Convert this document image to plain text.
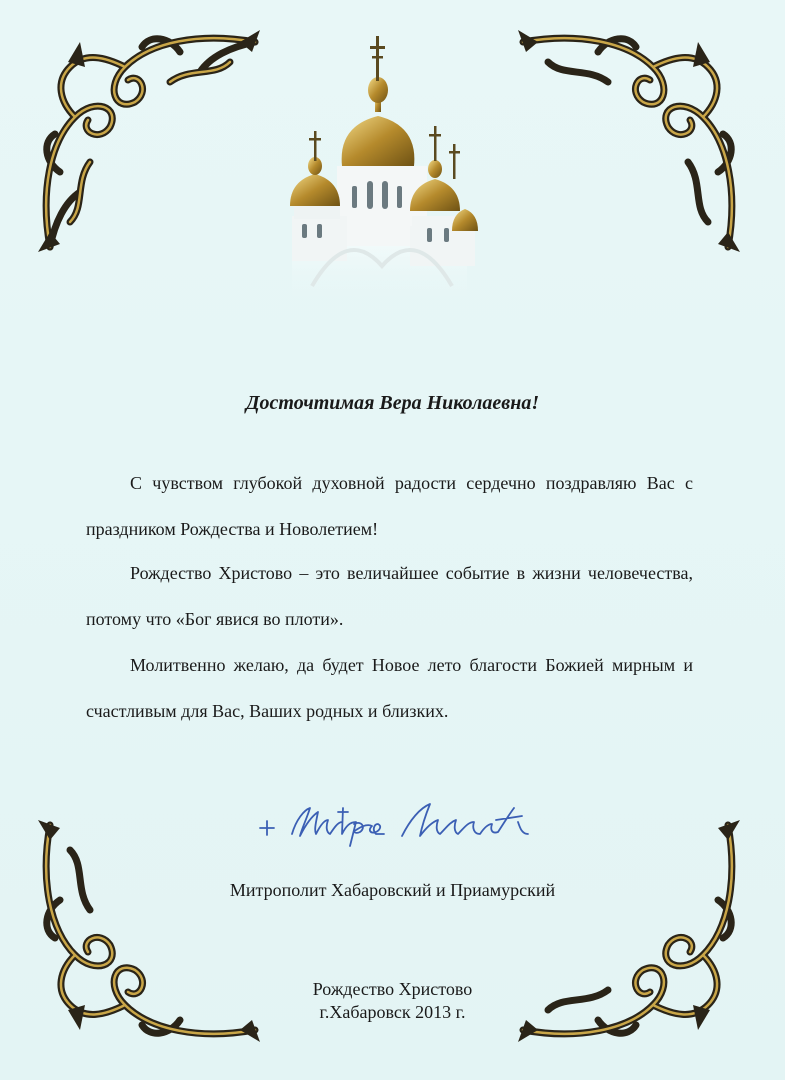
Досточтимая Вера Николаевна!

С чувством глубокой духовной радости сердечно поздравляю Вас с праздником Рождества и Новолетием!

Рождество Христово – это величайшее событие в жизни человечества, потому что «Бог явися во плоти».

Молитвенно желаю, да будет Новое лето благости Божией мирным и счастливым для Вас, Ваших родных и близких.

Митрополит Хабаровский и Приамурский
Рождество Христово
г.Хабаровск 2013 г.
